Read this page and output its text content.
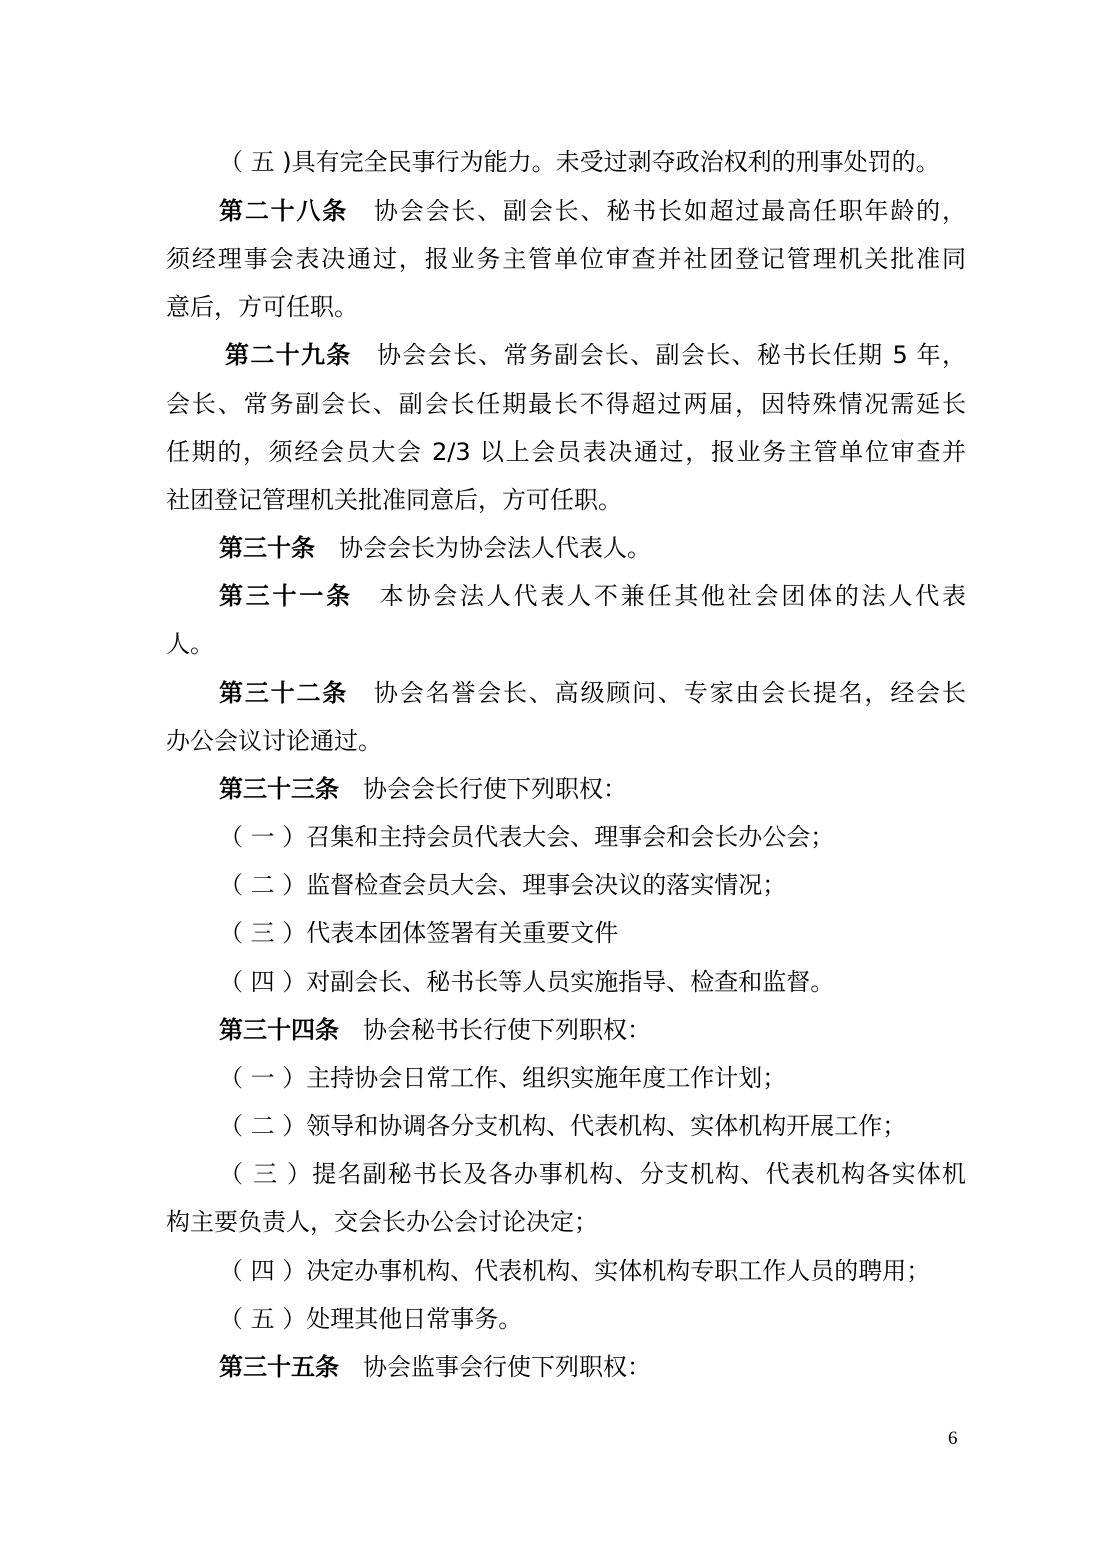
（ 五 )具有完全民事行为能力。未受过剥夺政治权利的刑事处罚的。
第二十八条  协会会长、副会长、秘书长如超过最高任职年龄的，
须经理事会表决通过，报业务主管单位审查并社团登记管理机关批准同
意后，方可任职。
第二十九条  协会会长、常务副会长、副会长、秘书长任期 5 年，
会长、常务副会长、副会长任期最长不得超过两届，因特殊情况需延长
任期的，须经会员大会 2/3 以上会员表决通过，报业务主管单位审查并
社团登记管理机关批准同意后，方可任职。
第三十条  协会会长为协会法人代表人。
第三十一条  本协会法人代表人不兼任其他社会团体的法人代表
人。
第三十二条  协会名誉会长、高级顾问、专家由会长提名，经会长
办公会议讨论通过。
第三十三条  协会会长行使下列职权：
（ 一 ）召集和主持会员代表大会、理事会和会长办公会；
（ 二 ）监督检查会员大会、理事会决议的落实情况；
（ 三 ）代表本团体签署有关重要文件
（ 四 ）对副会长、秘书长等人员实施指导、检查和监督。
第三十四条  协会秘书长行使下列职权：
（ 一 ）主持协会日常工作、组织实施年度工作计划；
（ 二 ）领导和协调各分支机构、代表机构、实体机构开展工作；
（ 三 ）提名副秘书长及各办事机构、分支机构、代表机构各实体机
构主要负责人，交会长办公会讨论决定；
（ 四 ）决定办事机构、代表机构、实体机构专职工作人员的聘用；
（ 五 ）处理其他日常事务。
第三十五条  协会监事会行使下列职权：
6
